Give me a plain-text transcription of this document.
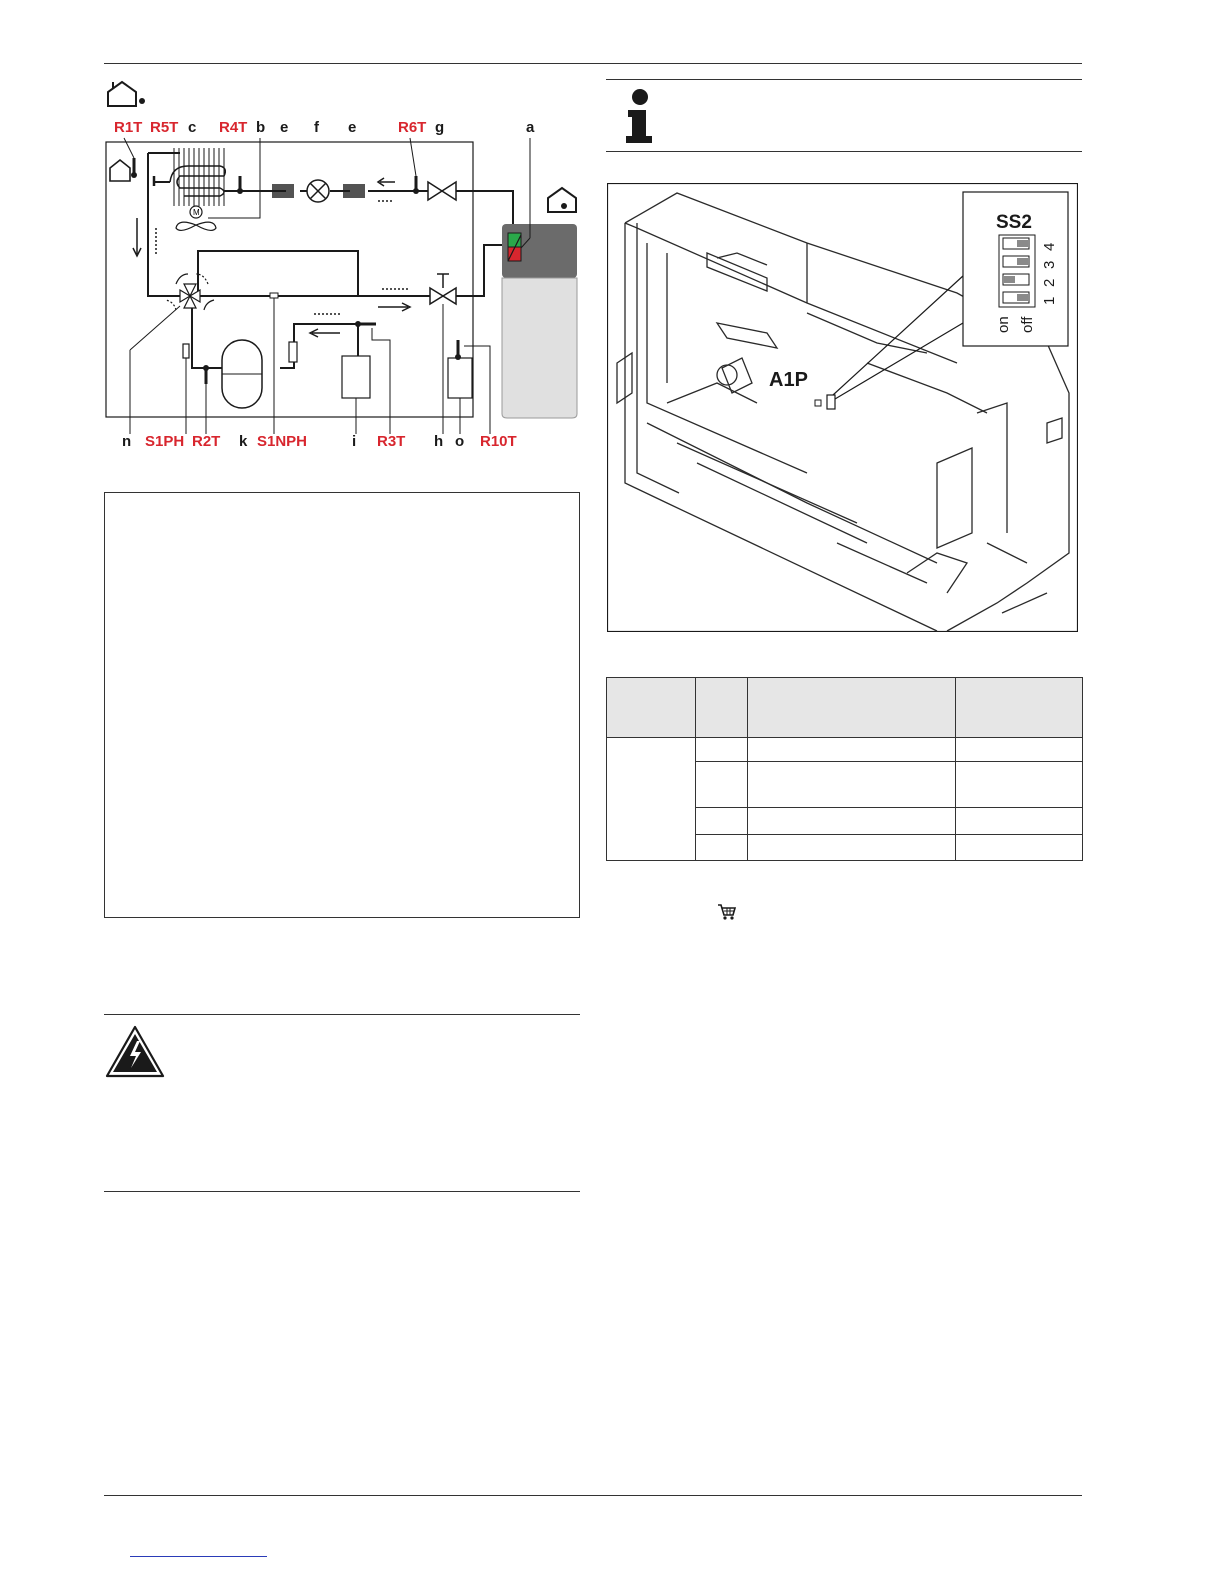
R1T R5T c R4T b e f e	R6T g	a
M
n S1PH R2T k S1NPH	i R3T h o R10T
A1P
SS2
4
3
2
1
on off
